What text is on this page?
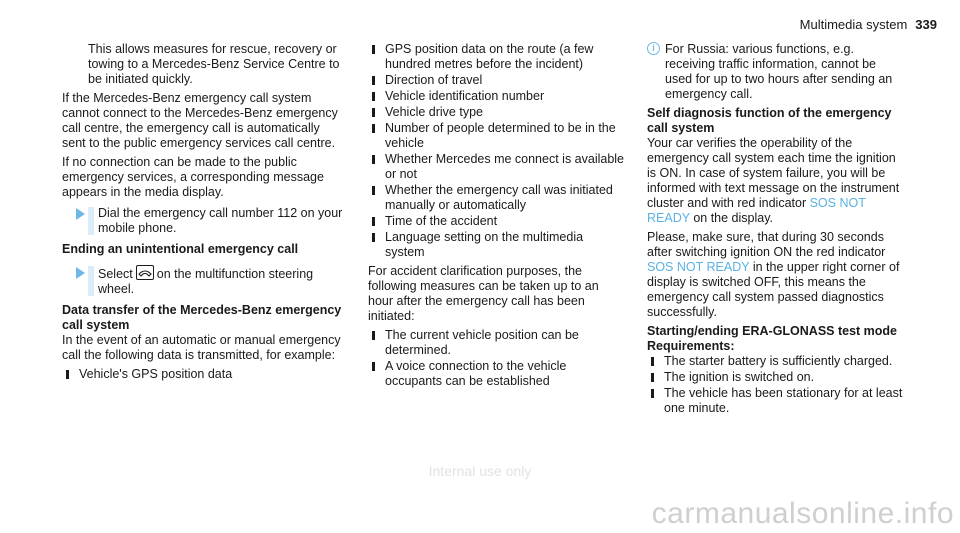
Multimedia system 339

This allows measures for rescue, recovery or towing to a Mercedes-Benz Service Centre to be initiated quickly.

If the Mercedes-Benz emergency call system cannot connect to the Mercedes-Benz emergency call centre, the emergency call is automatically sent to the public emergency services call centre.

If no connection can be made to the public emergency services, a corresponding message appears in the media display.

Dial the emergency call number 112 on your mobile phone.

Ending an unintentional emergency call

Select on the multifunction steering wheel.

Data transfer of the Mercedes-Benz emergency call system

In the event of an automatic or manual emergency call the following data is transmitted, for example:

Vehicle's GPS position data
GPS position data on the route (a few hundred metres before the incident)
Direction of travel
Vehicle identification number
Vehicle drive type
Number of people determined to be in the vehicle
Whether Mercedes me connect is available or not
Whether the emergency call was initiated manually or automatically
Time of the accident
Language setting on the multimedia system

For accident clarification purposes, the following measures can be taken up to an hour after the emergency call has been initiated:

The current vehicle position can be determined.
A voice connection to the vehicle occupants can be established
i For Russia: various functions, e.g. receiving traffic information, cannot be used for up to two hours after sending an emergency call.

Self diagnosis function of the emergency call system

Your car verifies the operability of the emergency call system each time the ignition is ON. In case of system failure, you will be informed with text message on the instrument cluster and with red indicator SOS NOT READY on the display.

Please, make sure, that during 30 seconds after switching ignition ON the red indicator SOS NOT READY in the upper right corner of display is switched OFF, this means the emergency call system passed diagnostics successfully.

Starting/ending ERA-GLONASS test mode

Requirements:

The starter battery is sufficiently charged.
The ignition is switched on.
The vehicle has been stationary for at least one minute.
Internal use only
carmanualsonline.info
